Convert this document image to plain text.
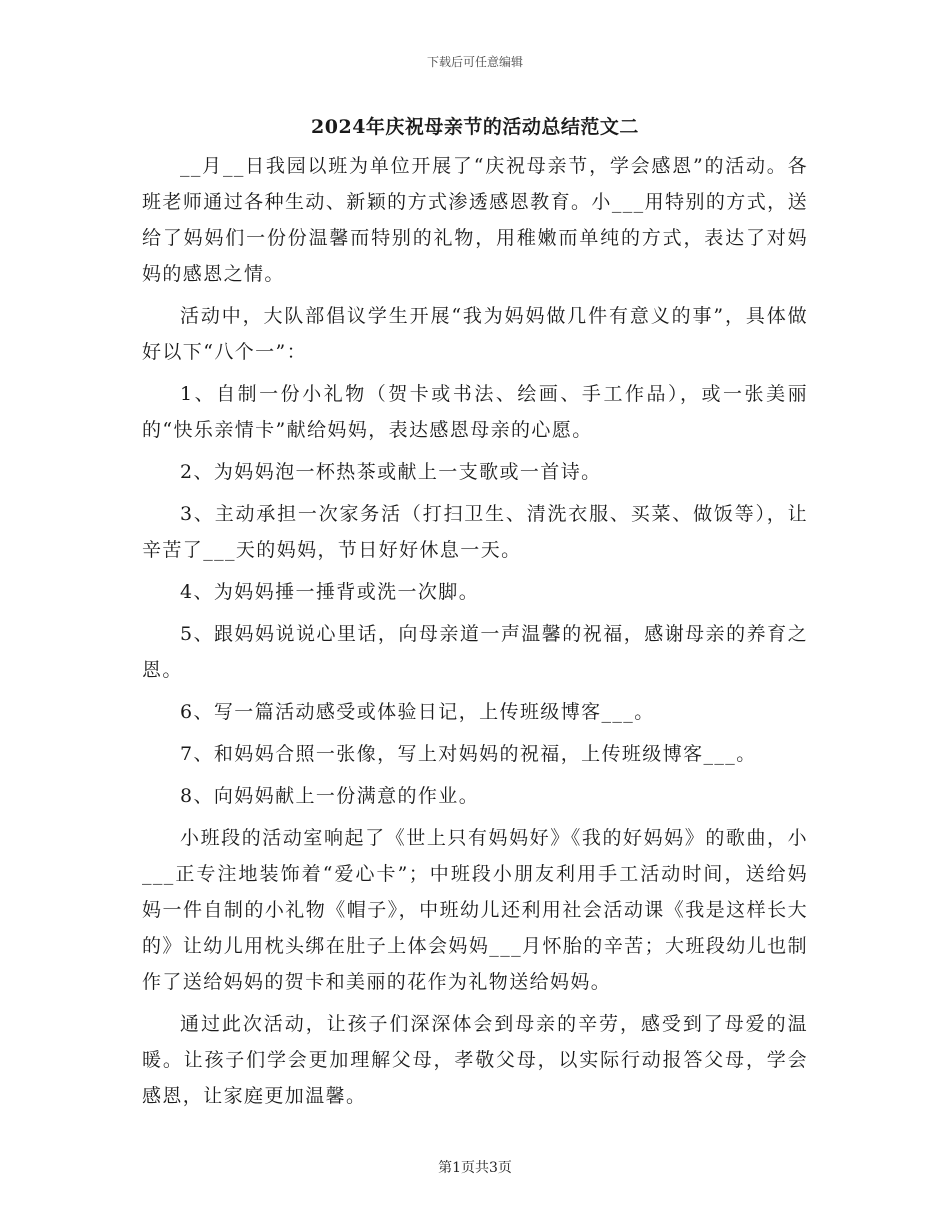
下载后可任意编辑
2024年庆祝母亲节的活动总结范文二

__月__日我园以班为单位开展了“庆祝母亲节，学会感恩”的活动。各班老师通过各种生动、新颖的方式渗透感恩教育。小___用特别的方式，送给了妈妈们一份份温馨而特别的礼物，用稚嫩而单纯的方式，表达了对妈妈的感恩之情。

活动中，大队部倡议学生开展“我为妈妈做几件有意义的事”，具体做好以下“八个一”：

1、自制一份小礼物（贺卡或书法、绘画、手工作品），或一张美丽的“快乐亲情卡”献给妈妈，表达感恩母亲的心愿。

2、为妈妈泡一杯热茶或献上一支歌或一首诗。

3、主动承担一次家务活（打扫卫生、清洗衣服、买菜、做饭等），让辛苦了___天的妈妈，节日好好休息一天。

4、为妈妈捶一捶背或洗一次脚。

5、跟妈妈说说心里话，向母亲道一声温馨的祝福，感谢母亲的养育之恩。

6、写一篇活动感受或体验日记，上传班级博客___。

7、和妈妈合照一张像，写上对妈妈的祝福，上传班级博客___。

8、向妈妈献上一份满意的作业。

小班段的活动室响起了《世上只有妈妈好》《我的好妈妈》的歌曲，小___正专注地装饰着“爱心卡”；中班段小朋友利用手工活动时间，送给妈妈一件自制的小礼物《帽子》，中班幼儿还利用社会活动课《我是这样长大的》让幼儿用枕头绑在肚子上体会妈妈___月怀胎的辛苦；大班段幼儿也制作了送给妈妈的贺卡和美丽的花作为礼物送给妈妈。

通过此次活动，让孩子们深深体会到母亲的辛劳，感受到了母爱的温暖。让孩子们学会更加理解父母，孝敬父母，以实际行动报答父母，学会感恩，让家庭更加温馨。

第1页共3页
